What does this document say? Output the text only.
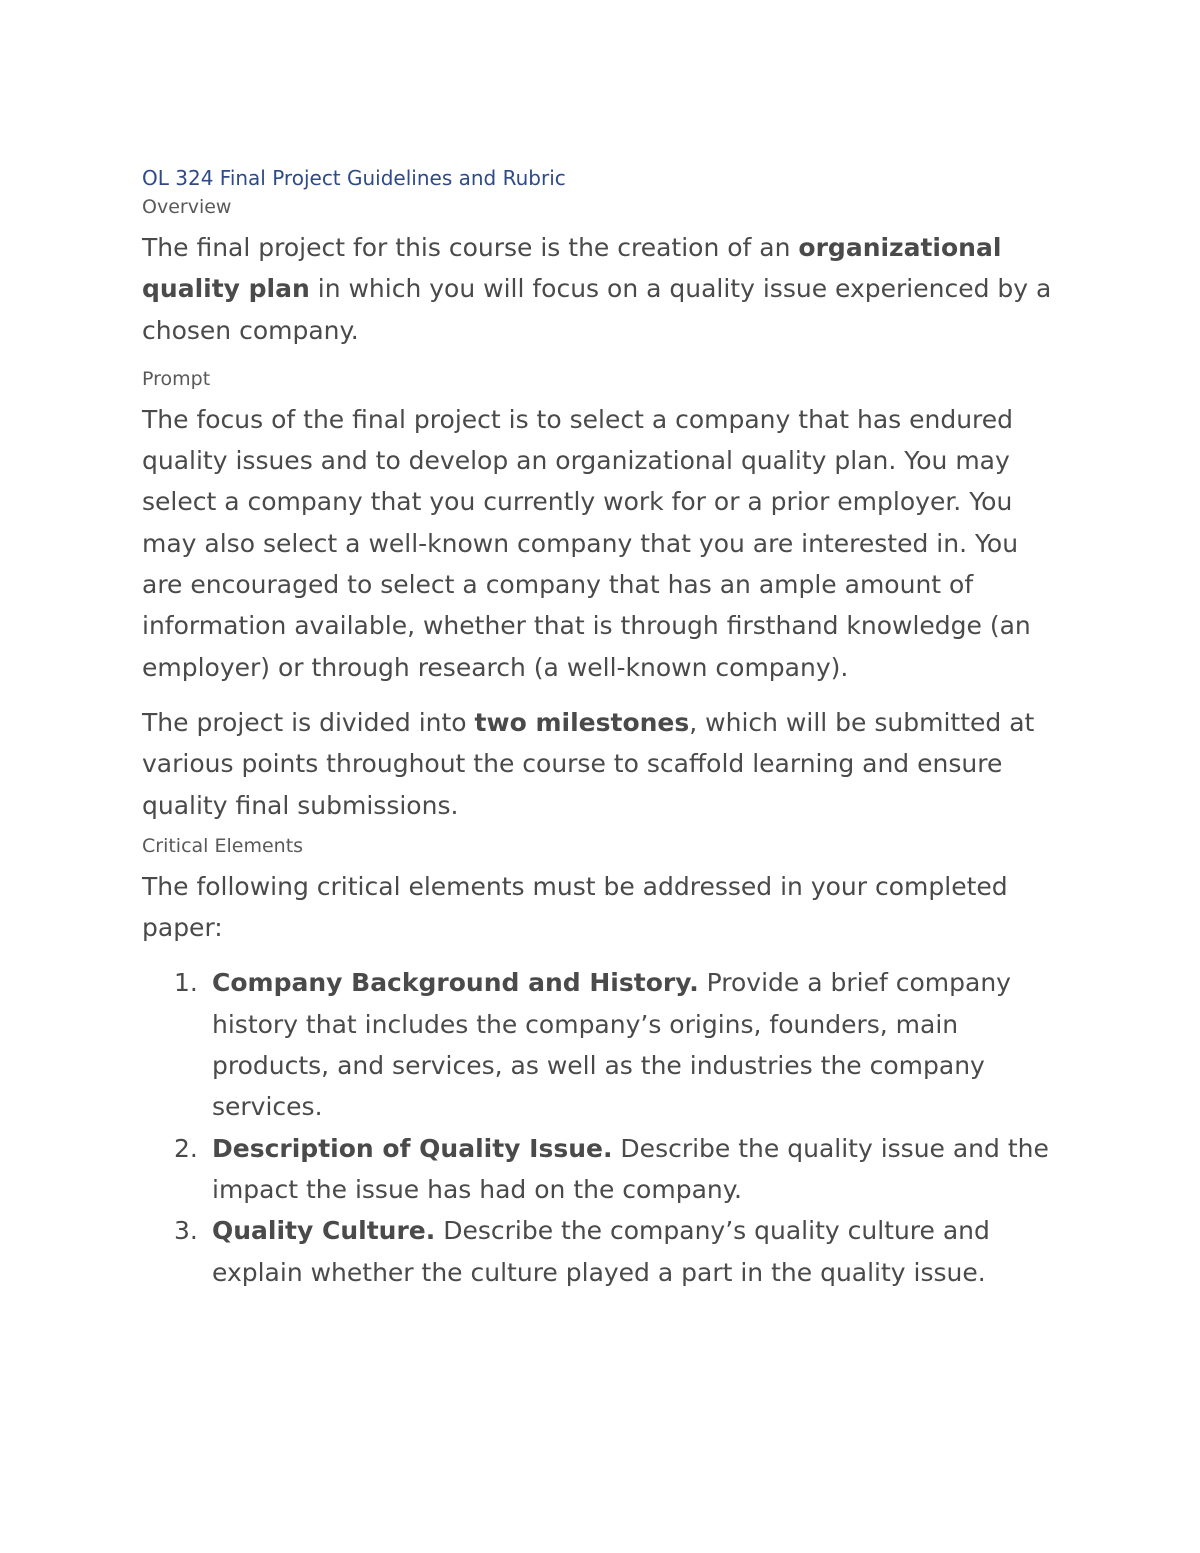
OL 324 Final Project Guidelines and Rubric
Overview

The final project for this course is the creation of an organizational quality plan in which you will focus on a quality issue experienced by a chosen company.

Prompt

The focus of the final project is to select a company that has endured quality issues and to develop an organizational quality plan. You may select a company that you currently work for or a prior employer. You may also select a well-known company that you are interested in. You are encouraged to select a company that has an ample amount of information available, whether that is through firsthand knowledge (an employer) or through research (a well-known company).

The project is divided into two milestones, which will be submitted at various points throughout the course to scaffold learning and ensure quality final submissions.

Critical Elements

The following critical elements must be addressed in your completed paper:

1. Company Background and History. Provide a brief company history that includes the company’s origins, founders, main products, and services, as well as the industries the company services.
2. Description of Quality Issue. Describe the quality issue and the impact the issue has had on the company.
3. Quality Culture. Describe the company’s quality culture and explain whether the culture played a part in the quality issue.
